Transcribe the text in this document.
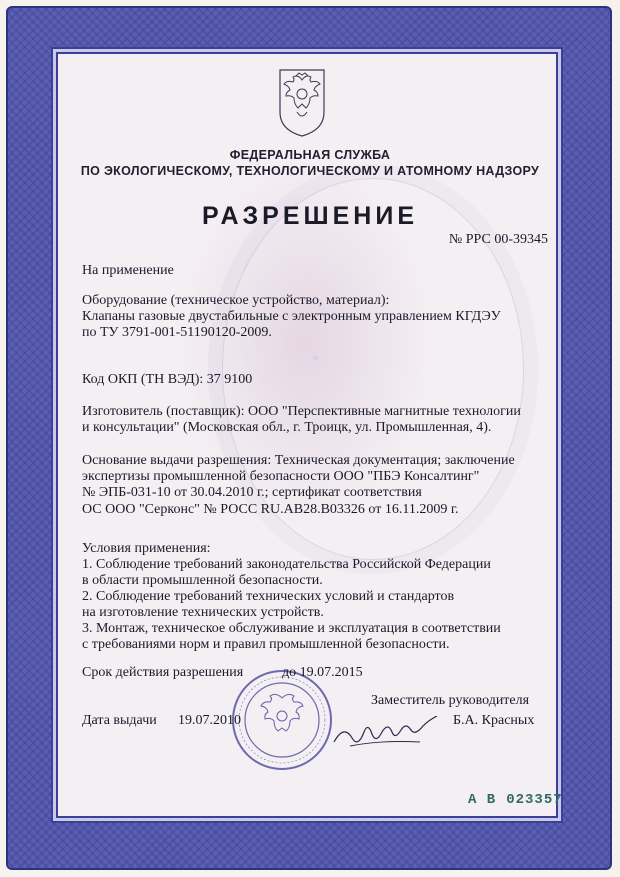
ФЕДЕРАЛЬНАЯ СЛУЖБА
ПО ЭКОЛОГИЧЕСКОМУ, ТЕХНОЛОГИЧЕСКОМУ И АТОМНОМУ НАДЗОРУ
РАЗРЕШЕНИЕ
№ РРС 00-39345
На применение
Оборудование (техническое устройство, материал):
Клапаны газовые двустабильные с электронным управлением КГДЭУ
по ТУ 3791-001-51190120-2009.
Код ОКП (ТН ВЭД): 37 9100
Изготовитель (поставщик): ООО "Перспективные магнитные технологии
и консультации" (Московская обл., г. Троицк, ул. Промышленная, 4).
Основание выдачи разрешения: Техническая документация; заключение
экспертизы промышленной безопасности ООО "ПБЭ Консалтинг"
№ ЭПБ-031-10 от 30.04.2010 г.; сертификат соответствия
ОС ООО "Серконс" № РОСС RU.AB28.B03326 от 16.11.2009 г.
Условия применения:
1. Соблюдение требований законодательства Российской Федерации
в области промышленной безопасности.
2. Соблюдение требований технических условий и стандартов
на изготовление технических устройств.
3. Монтаж, техническое обслуживание и эксплуатация в соответствии
с требованиями норм и правил промышленной безопасности.
Срок действия разрешения	до 19.07.2015
Заместитель руководителя
Дата выдачи 19.07.2010	Б.А. Красных
А В 023357
